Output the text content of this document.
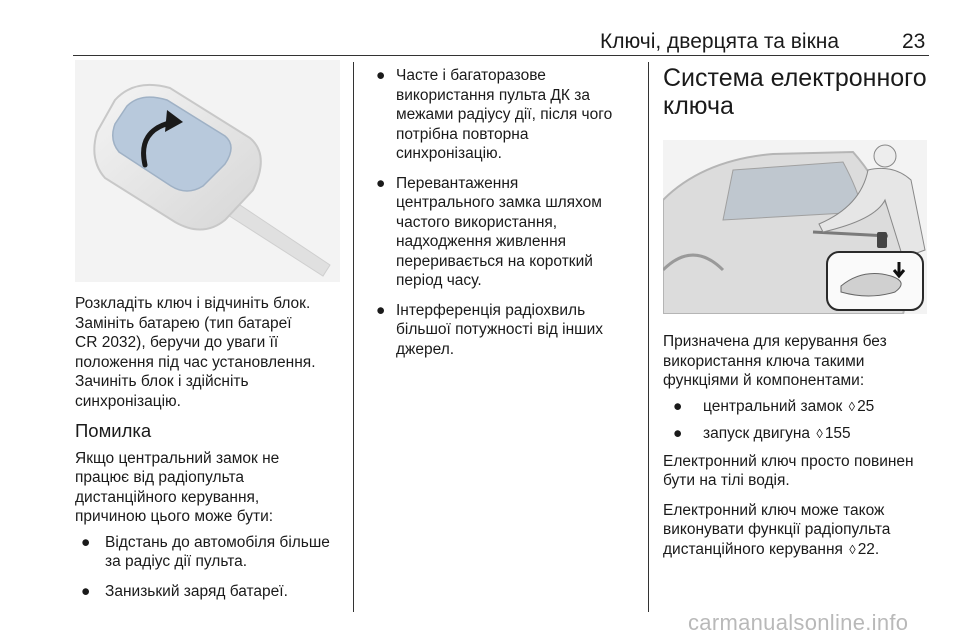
Ключі, дверцята та вікна	23

Розкладіть ключ і відчиніть блок.
Замініть батарею (тип батареї
CR 2032), беручи до уваги її
положення під час установлення.
Зачиніть блок і здійсніть
синхронізацію.

Помилка

Якщо центральний замок не
працює від радіопульта
дистанційного керування,
причиною цього може бути:

● Відстань до автомобіля більше
за радіус дії пульта.
● Занизький заряд батареї.
● Часте і багаторазове
використання пульта ДК за
межами радіусу дії, після чого
потрібна повторна
синхронізацію.
● Перевантаження
центрального замка шляхом
частого використання,
надходження живлення
переривається на короткий
період часу.
● Інтерференція радіохвиль
більшої потужності від інших
джерел.
Система електронного
ключа

Призначена для керування без
використання ключа такими
функціями й компонентами:

● центральний замок ◊ 25
● запуск двигуна ◊ 155

Електронний ключ просто повинен
бути на тілі водія.

Електронний ключ може також
виконувати функції радіопульта
дистанційного керування ◊ 22.

carmanualsonline.info
